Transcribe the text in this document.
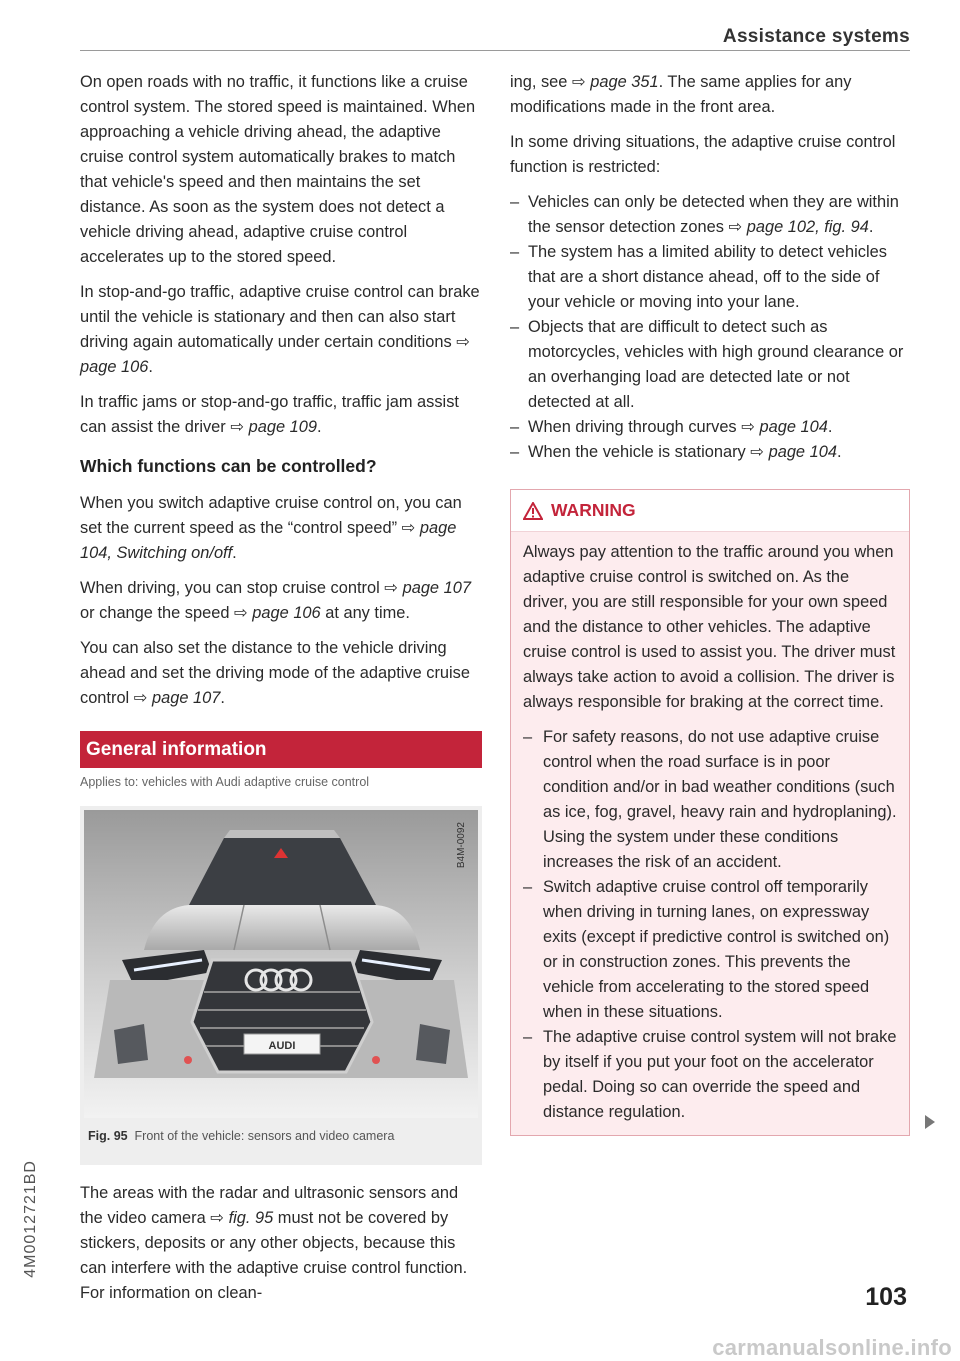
Assistance systems

On open roads with no traffic, it functions like a cruise control system. The stored speed is maintained. When approaching a vehicle driving ahead, the adaptive cruise control system automatically brakes to match that vehicle's speed and then maintains the set distance. As soon as the system does not detect a vehicle driving ahead, adaptive cruise control accelerates up to the stored speed.

In stop-and-go traffic, adaptive cruise control can brake until the vehicle is stationary and then can also start driving again automatically under certain conditions ⇨ page 106.

In traffic jams or stop-and-go traffic, traffic jam assist can assist the driver ⇨ page 109.

Which functions can be controlled?

When you switch adaptive cruise control on, you can set the current speed as the “control speed” ⇨ page 104, Switching on/off.

When driving, you can stop cruise control ⇨ page 107 or change the speed ⇨ page 106 at any time.

You can also set the distance to the vehicle driving ahead and set the driving mode of the adaptive cruise control ⇨ page 107.

General information
Applies to: vehicles with Audi adaptive cruise control
AUDI
B4M-0092
Fig. 95 Front of the vehicle: sensors and video camera

The areas with the radar and ultrasonic sensors and the video camera ⇨ fig. 95 must not be covered by stickers, deposits or any other objects, because this can interfere with the adaptive cruise control function. For information on clean-

ing, see ⇨ page 351. The same applies for any modifications made in the front area.

In some driving situations, the adaptive cruise control function is restricted:

– Vehicles can only be detected when they are within the sensor detection zones ⇨ page 102, fig. 94.
– The system has a limited ability to detect vehicles that are a short distance ahead, off to the side of your vehicle or moving into your lane.
– Objects that are difficult to detect such as motorcycles, vehicles with high ground clearance or an overhanging load are detected late or not detected at all.
– When driving through curves ⇨ page 104.
– When the vehicle is stationary ⇨ page 104.
WARNING

Always pay attention to the traffic around you when adaptive cruise control is switched on. As the driver, you are still responsible for your own speed and the distance to other vehicles. The adaptive cruise control is used to assist you. The driver must always take action to avoid a collision. The driver is always responsible for braking at the correct time.

– For safety reasons, do not use adaptive cruise control when the road surface is in poor condition and/or in bad weather conditions (such as ice, fog, gravel, heavy rain and hydroplaning). Using the system under these conditions increases the risk of an accident.
– Switch adaptive cruise control off temporarily when driving in turning lanes, on expressway exits (except if predictive control is switched on) or in construction zones. This prevents the vehicle from accelerating to the stored speed when in these situations.
– The adaptive cruise control system will not brake by itself if you put your foot on the accelerator pedal. Doing so can override the speed and distance regulation.
4M0012721BD
103
carmanualsonline.info
